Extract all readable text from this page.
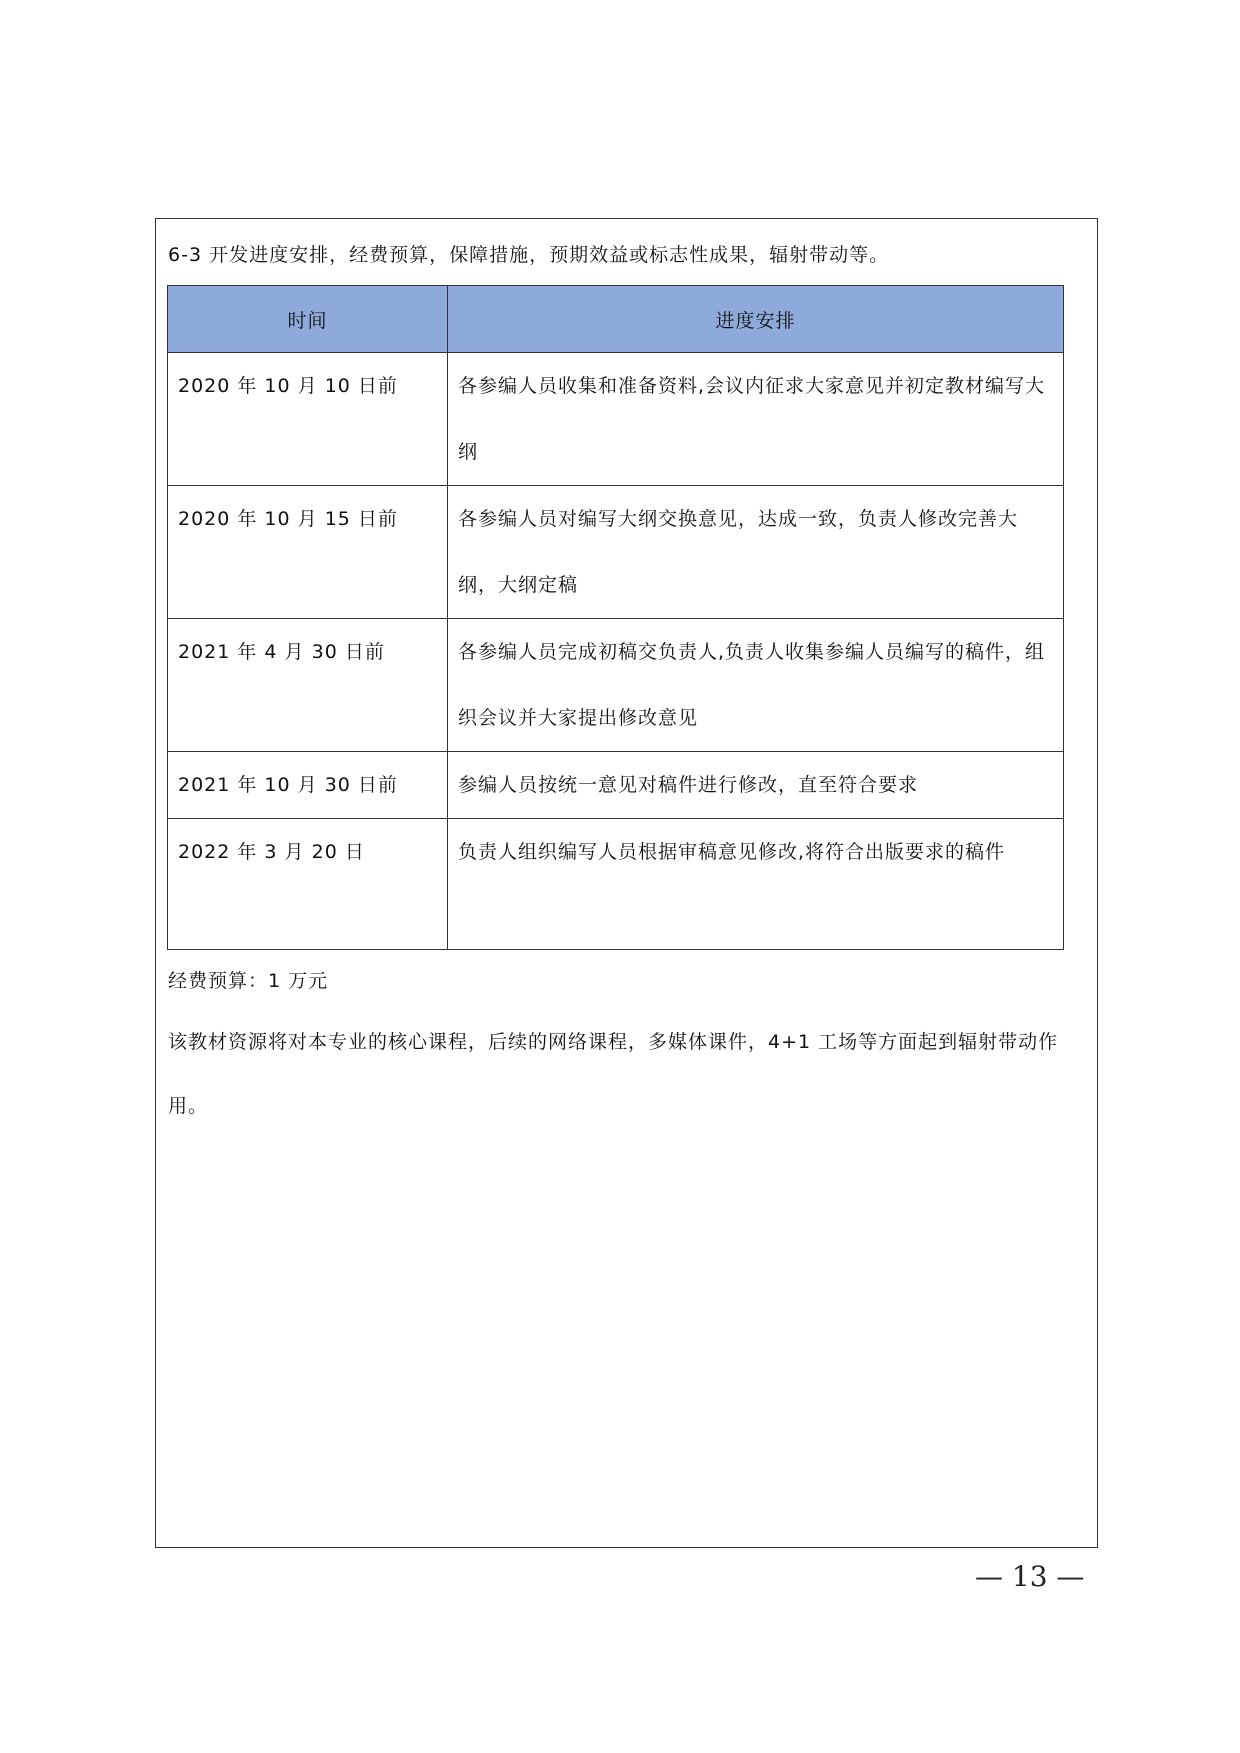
6-3 开发进度安排，经费预算，保障措施，预期效益或标志性成果，辐射带动等。
时间	进度安排

2020 年 10 月 10 日前	各参编人员收集和准备资料,会议内征求大家意见并初定教材编写大纲

2020 年 10 月 15 日前	各参编人员对编写大纲交换意见，达成一致，负责人修改完善大纲，大纲定稿

2021 年 4 月 30 日前	各参编人员完成初稿交负责人,负责人收集参编人员编写的稿件，组织会议并大家提出修改意见

2021 年 10 月 30 日前	参编人员按统一意见对稿件进行修改，直至符合要求

2022 年 3 月 20 日	负责人组织编写人员根据审稿意见修改,将符合出版要求的稿件
经费预算：1 万元
该教材资源将对本专业的核心课程，后续的网络课程，多媒体课件，4+1 工场等方面起到辐射带动作用。
— 13 —
